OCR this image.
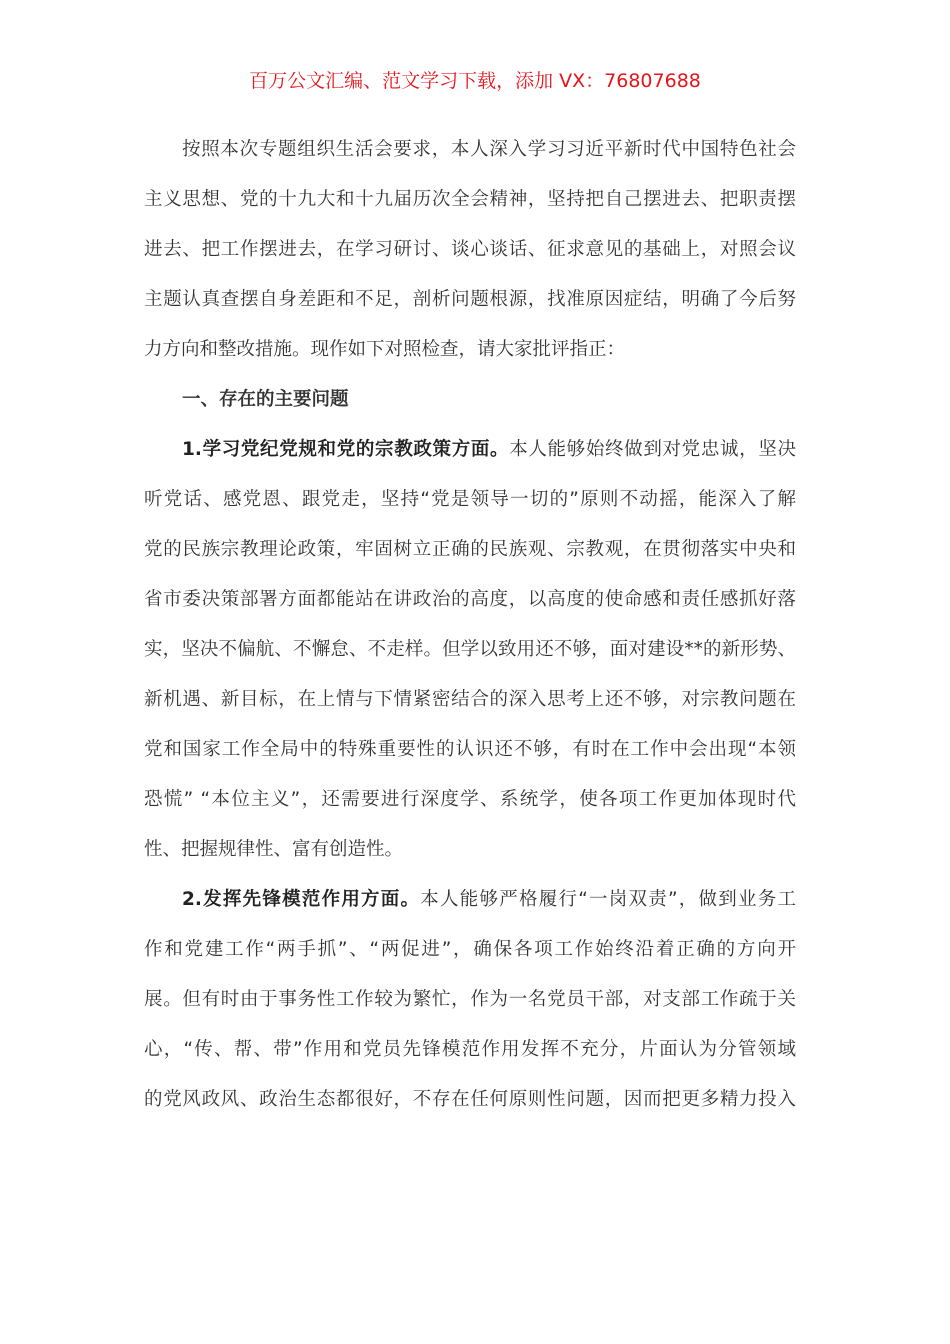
百万公文汇编、范文学习下载，添加 VX：76807688
按照本次专题组织生活会要求，本人深入学习习近平新时代中国特色社会
主义思想、党的十九大和十九届历次全会精神，坚持把自己摆进去、把职责摆
进去、把工作摆进去，在学习研讨、谈心谈话、征求意见的基础上，对照会议
主题认真查摆自身差距和不足，剖析问题根源，找准原因症结，明确了今后努
力方向和整改措施。现作如下对照检查，请大家批评指正：
一、存在的主要问题
1.学习党纪党规和党的宗教政策方面。本人能够始终做到对党忠诚，坚决
听党话、感党恩、跟党走，坚持“党是领导一切的”原则不动摇，能深入了解
党的民族宗教理论政策，牢固树立正确的民族观、宗教观，在贯彻落实中央和
省市委决策部署方面都能站在讲政治的高度，以高度的使命感和责任感抓好落
实，坚决不偏航、不懈怠、不走样。但学以致用还不够，面对建设**的新形势、
新机遇、新目标，在上情与下情紧密结合的深入思考上还不够，对宗教问题在
党和国家工作全局中的特殊重要性的认识还不够，有时在工作中会出现“本领
恐慌” “本位主义”，还需要进行深度学、系统学，使各项工作更加体现时代
性、把握规律性、富有创造性。
2.发挥先锋模范作用方面。本人能够严格履行“一岗双责”，做到业务工
作和党建工作“两手抓”、“两促进”，确保各项工作始终沿着正确的方向开
展。但有时由于事务性工作较为繁忙，作为一名党员干部，对支部工作疏于关
心，“传、帮、带”作用和党员先锋模范作用发挥不充分，片面认为分管领域
的党风政风、政治生态都很好，不存在任何原则性问题，因而把更多精力投入
